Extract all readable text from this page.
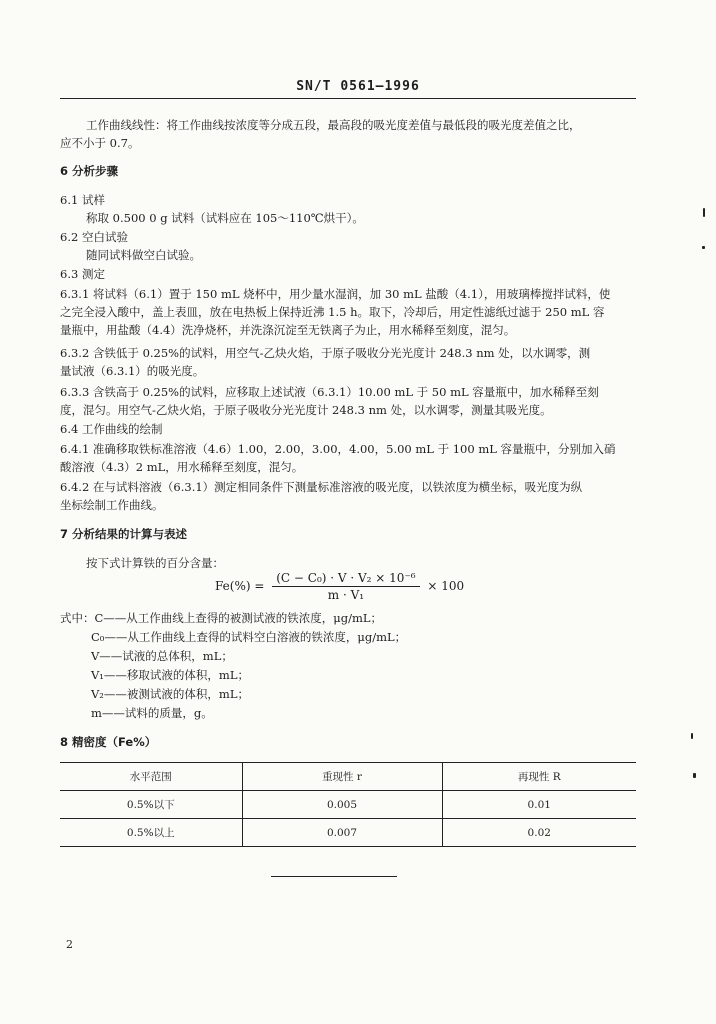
SN/T 0561—1996
工作曲线线性：将工作曲线按浓度等分成五段，最高段的吸光度差值与最低段的吸光度差值之比，
应不小于 0.7。
6 分析步骤
6.1 试样
称取 0.500 0 g 试料（试料应在 105～110℃烘干）。
6.2 空白试验
随同试料做空白试验。
6.3 测定
6.3.1 将试料（6.1）置于 150 mL 烧杯中，用少量水湿润，加 30 mL 盐酸（4.1），用玻璃棒搅拌试料，使
之完全浸入酸中，盖上表皿，放在电热板上保持近沸 1.5 h。取下，冷却后，用定性滤纸过滤于 250 mL 容
量瓶中，用盐酸（4.4）洗净烧杯，并洗涤沉淀至无铁离子为止，用水稀释至刻度，混匀。
6.3.2 含铁低于 0.25%的试料，用空气-乙炔火焰，于原子吸收分光光度计 248.3 nm 处，以水调零，测
量试液（6.3.1）的吸光度。
6.3.3 含铁高于 0.25%的试料，应移取上述试液（6.3.1）10.00 mL 于 50 mL 容量瓶中，加水稀释至刻
度，混匀。用空气-乙炔火焰，于原子吸收分光光度计 248.3 nm 处，以水调零，测量其吸光度。
6.4 工作曲线的绘制
6.4.1 准确移取铁标准溶液（4.6）1.00，2.00，3.00，4.00，5.00 mL 于 100 mL 容量瓶中，分别加入硝
酸溶液（4.3）2 mL，用水稀释至刻度，混匀。
6.4.2 在与试料溶液（6.3.1）测定相同条件下测量标准溶液的吸光度，以铁浓度为横坐标，吸光度为纵
坐标绘制工作曲线。
7 分析结果的计算与表述
按下式计算铁的百分含量：
$Fe(\%) = \frac{\text{(C − C₀) · V · V₂ × 10⁻⁶}}{\text{m · V₁}} \times 100$
式中：C——从工作曲线上查得的被测试液的铁浓度，μg/mL；
C₀——从工作曲线上查得的试料空白溶液的铁浓度，μg/mL；
V——试液的总体积，mL；
V₁——移取试液的体积，mL；
V₂——被测试液的体积，mL；
m——试料的质量，g。
8 精密度（Fe%）
水平范围	重现性 r	再现性 R
0.5%以下	0.005	0.01
0.5%以上	0.007	0.02
2
